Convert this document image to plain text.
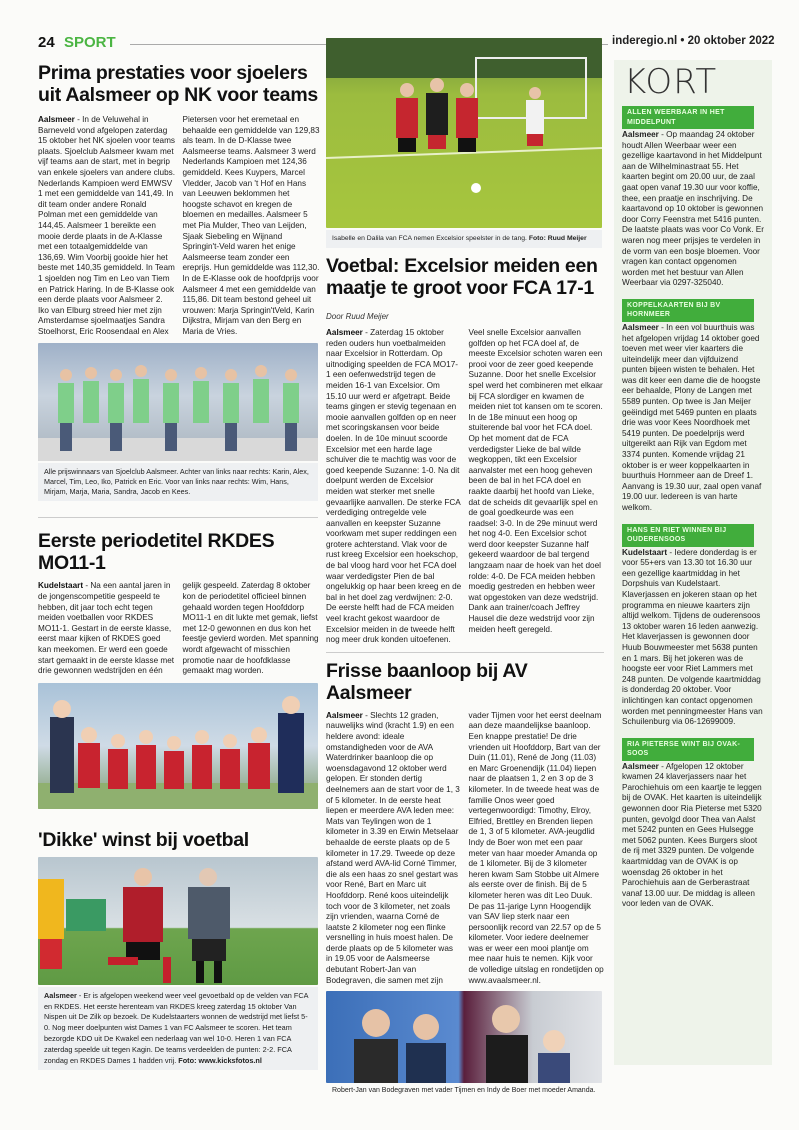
24 SPORT	inderegio.nl • 20 oktober 2022
Prima prestaties voor sjoelers uit Aalsmeer op NK voor teams
Aalsmeer - In de Veluwehal in Barneveld vond afgelopen zaterdag 15 oktober het NK sjoelen voor teams plaats. Sjoelclub Aalsmeer kwam met vijf teams aan de start, met in begrip van enkele sjoelers van andere clubs. Nederlands Kampioen werd EMWSV 1 met een gemiddelde van 141,49. In dit team onder andere Ronald Polman met een gemiddelde van 144,45. Aalsmeer 1 bereikte een mooie derde plaats in de A-Klasse met een totaalgemiddelde van 136,69. Wim Voorbij gooide hier het beste met 140,35 gemiddeld. In Team 1 sjoelden nog Tim en Leo van Tiem en Patrick Haring. In de B-Klasse ook een derde plaats voor Aalsmeer 2. Iko van Elburg streed hier met zijn Amsterdamse sjoelmaatjes Sandra Stoelhorst, Eric Roosendaal en Alex Pietersen voor het eremetaal en behaalde een gemiddelde van 129,83 als team. In de D-Klasse twee Aalsmeerse teams. Aalsmeer 3 werd Nederlands Kampioen met 124,36 gemiddeld. Kees Kuypers, Marcel Vledder, Jacob van 't Hof en Hans van Leeuwen beklommen het hoogste schavot en kregen de bloemen en medailles. Aalsmeer 5 met Pia Mulder, Theo van Leijden, Sjaak Siebeling en Wijnand Springin't-Veld waren het enige Aalsmeerse team zonder een ereprijs. Hun gemiddelde was 112,30. In de E-Klasse ook de hoofdprijs voor Aalsmeer 4 met een gemiddelde van 115,86. Dit team bestond geheel uit vrouwen: Marja Springin'tVeld, Karin Dijkstra, Mirjam van den Berg en Maria de Vries.
Alle prijswinnaars van Sjoelclub Aalsmeer. Achter van links naar rechts: Karin, Alex, Marcel, Tim, Leo, Iko, Patrick en Eric. Voor van links naar rechts: Wim, Hans, Mirjam, Marja, Maria, Sandra, Jacob en Kees.
Eerste periodetitel RKDES MO11-1
Kudelstaart - Na een aantal jaren in de jongenscompetitie gespeeld te hebben, dit jaar toch echt tegen meiden voetballen voor RKDES MO11-1. Gestart in de eerste klasse, eerst maar kijken of RKDES goed kan meekomen. Er werd een goede start gemaakt in de eerste klasse met drie gewonnen wedstrijden en één gelijk gespeeld. Zaterdag 8 oktober kon de periodetitel officieel binnen gehaald worden tegen Hoofddorp MO11-1 en dit lukte met gemak, liefst met 12-0 gewonnen en dus kon het feestje gevierd worden. Met spanning wordt afgewacht of misschien promotie naar de hoofdklasse gemaakt mag worden.
'Dikke' winst bij voetbal
Aalsmeer - Er is afgelopen weekend weer veel gevoetbald op de velden van FCA en RKDES. Het eerste herenteam van RKDES kreeg zaterdag 15 oktober Van Nispen uit De Zilk op bezoek. De Kudelstaarters wonnen de wedstrijd met liefst 5-0. Nog meer doelpunten wist Dames 1 van FC Aalsmeer te scoren. Het team bezorgde KDO uit De Kwakel een nederlaag van wel 10-0. Heren 1 van FCA zaterdag speelde uit tegen Kagin. De teams verdeelden de punten: 2-2. FCA zondag en RKDES Dames 1 hadden vrij. Foto: www.kicksfotos.nl
Isabelle en Dalila van FCA nemen Excelsior speelster in de tang. Foto: Ruud Meijer
Voetbal: Excelsior meiden een maatje te groot voor FCA 17-1
Door Ruud Meijer
Aalsmeer - Zaterdag 15 oktober reden ouders hun voetbalmeiden naar Excelsior in Rotterdam. Op uitnodiging speelden de FCA MO17-1 een oefenwedstrijd tegen de meiden 16-1 van Excelsior. Om 15.10 uur werd er afgetrapt. Beide teams gingen er stevig tegenaan en mooie aanvallen golfden op en neer met scoringskansen voor beide doelen. In de 10e minuut scoorde Excelsior met een harde lage schuiver die te machtig was voor de goed keepende Suzanne: 1-0. Na dit doelpunt werden de Excelsior meiden wat sterker met snelle gevaarlijke aanvallen. De sterke FCA verdediging ontregelde vele aanvallen en keepster Suzanne voorkwam met super reddingen een grotere achterstand. Vlak voor de rust kreeg Excelsior een hoekschop, de bal vloog hard voor het FCA doel waar verdedigster Pien de bal ongelukkig op haar been kreeg en de bal in het doel zag verdwijnen: 2-0. De eerste helft had de FCA meiden veel kracht gekost waardoor de Excelsior meiden in de tweede helft nog meer druk konden uitoefenen. Veel snelle Excelsior aanvallen golfden op het FCA doel af, de meeste Excelsior schoten waren een prooi voor de zeer goed keepende Suzanne. Door het snelle Excelsior spel werd het combineren met elkaar bij FCA slordiger en kwamen de meiden niet tot kansen om te scoren. In de 18e minuut een hoog op stuiterende bal voor het FCA doel. Op het moment dat de FCA verdedigster Lieke de bal wilde wegkoppen, tikt een Excelsior aanvalster met een hoog geheven been de bal in het FCA doel en raakte daarbij het hoofd van Lieke, dat de scheids dit gevaarlijk spel en de goal goedkeurde was een raadsel: 3-0. In de 29e minuut werd het nog 4-0. Een Excelsior schot werd door keepster Suzanne half gekeerd waardoor de bal tergend langzaam naar de hoek van het doel rolde: 4-0. De FCA meiden hebben moedig gestreden en hebben weer wat opgestoken van deze wedstrijd. Dank aan trainer/coach Jeffrey Hausel die deze wedstrijd voor zijn meiden heeft geregeld.
Frisse baanloop bij AV Aalsmeer
Aalsmeer - Slechts 12 graden, nauwelijks wind (kracht 1.9) en een heldere avond: ideale omstandigheden voor de AVA Waterdrinker baanloop die op woensdagavond 12 oktober werd gelopen. Er stonden dertig deelnemers aan de start voor de 1, 3 of 5 kilometer. In de eerste heat liepen er meerdere AVA leden mee: Mats van Teylingen won de 1 kilometer in 3.39 en Erwin Metselaar behaalde de eerste plaats op de 5 kilometer in 17.29. Tweede op deze afstand werd AVA-lid Corné Timmer, die als een haas zo snel gestart was voor René, Bart en Marc uit Hoofddorp. René koos uiteindelijk toch voor de 3 kilometer, net zoals zijn vrienden, waarna Corné de laatste 2 kilometer nog een flinke versnelling in huis moest halen. De derde plaats op de 5 kilometer was in 19.05 voor de Aalsmeerse debutant Robert-Jan van Bodegraven, die samen met zijn vader Tijmen voor het eerst deelnam aan deze maandelijkse baanloop. Een knappe prestatie! De drie vrienden uit Hoofddorp, Bart van der Duin (11.01), René de Jong (11.03) en Marc Groenendijk (11.04) liepen naar de plaatsen 1, 2 en 3 op de 3 kilometer. In de tweede heat was de familie Onos weer goed vertegenwoordigd: Timothy, Elroy, Elfried, Brettley en Brenden liepen de 1, 3 of 5 kilometer. AVA-jeugdlid Indy de Boer won met een paar meter van haar moeder Amanda op de 1 kilometer. Bij de 3 kilometer heren kwam Sam Stobbe uit Almere als eerste over de finish. Bij de 5 kilometer heren was dit Leo Duuk. De pas 11-jarige Lynn Hoogendijk van SAV liep sterk naar een persoonlijk record van 22.57 op de 5 kilometer. Voor iedere deelnemer was er weer een mooi plantje om mee naar huis te nemen. Kijk voor de volledige uitslag en rondetijden op www.avaalsmeer.nl.
Robert-Jan van Bodegraven met vader Tijmen en Indy de Boer met moeder Amanda.
KORT
ALLEN WEERBAAR IN HET MIDDELPUNT
Aalsmeer - Op maandag 24 oktober houdt Allen Weerbaar weer een gezellige kaartavond in het Middelpunt aan de Wilhelminastraat 55. Het kaarten begint om 20.00 uur, de zaal gaat open vanaf 19.30 uur voor koffie, thee, een praatje en inschrijving. De kaartavond op 10 oktober is gewonnen door Corry Feenstra met 5416 punten. De laatste plaats was voor Co Vonk. Er waren nog meer prijsjes te verdelen in de vorm van een bosje bloemen. Voor vragen kan contact opgenomen worden met het bestuur van Allen Weerbaar via 0297-325040.
KOPPELKAARTEN BIJ BV HORNMEER
Aalsmeer - In een vol buurthuis was het afgelopen vrijdag 14 oktober goed toeven met weer vier kaarters die uiteindelijk meer dan vijfduizend punten bijeen wisten te behalen. Het was dit keer een dame die de hoogste eer behaalde, Plony de Langen met 5589 punten. Op twee is Jan Meijer geëindigd met 5469 punten en plaats drie was voor Kees Noordhoek met 5419 punten. De poedelprijs werd uitgereikt aan Rijk van Egdom met 3374 punten. Komende vrijdag 21 oktober is er weer koppelkaarten in buurthuis Hornmeer aan de Dreef 1. Aanvang is 19.30 uur, zaal open vanaf 19.00 uur. Iedereen is van harte welkom.
HANS EN RIET WINNEN BIJ OUDERENSOOS
Kudelstaart - Iedere donderdag is er voor 55+ers van 13.30 tot 16.30 uur een gezellige kaartmiddag in het Dorpshuis van Kudelstaart. Klaverjassen en jokeren staan op het programma en nieuwe kaarters zijn altijd welkom. Tijdens de ouderensoos 13 oktober waren 16 leden aanwezig. Het klaverjassen is gewonnen door Huub Bouwmeester met 5638 punten en 1 mars. Bij het jokeren was de hoogste eer voor Riet Lammers met 248 punten. De volgende kaartmiddag is donderdag 20 oktober. Voor inlichtingen kan contact opgenomen worden met penningmeester Hans van Schuilenburg via 06-12699009.
RIA PIETERSE WINT BIJ OVAK-SOOS
Aalsmeer - Afgelopen 12 oktober kwamen 24 klaverjassers naar het Parochiehuis om een kaartje te leggen bij de OVAK. Het kaarten is uiteindelijk gewonnen door Ria Pieterse met 5320 punten, gevolgd door Thea van Aalst met 5242 punten en Gees Hulsegge met 5062 punten. Kees Burgers sloot de rij met 3329 punten. De volgende kaartmiddag van de OVAK is op woensdag 26 oktober in het Parochiehuis aan de Gerberastraat vanaf 13.00 uur. De middag is alleen voor leden van de OVAK.
